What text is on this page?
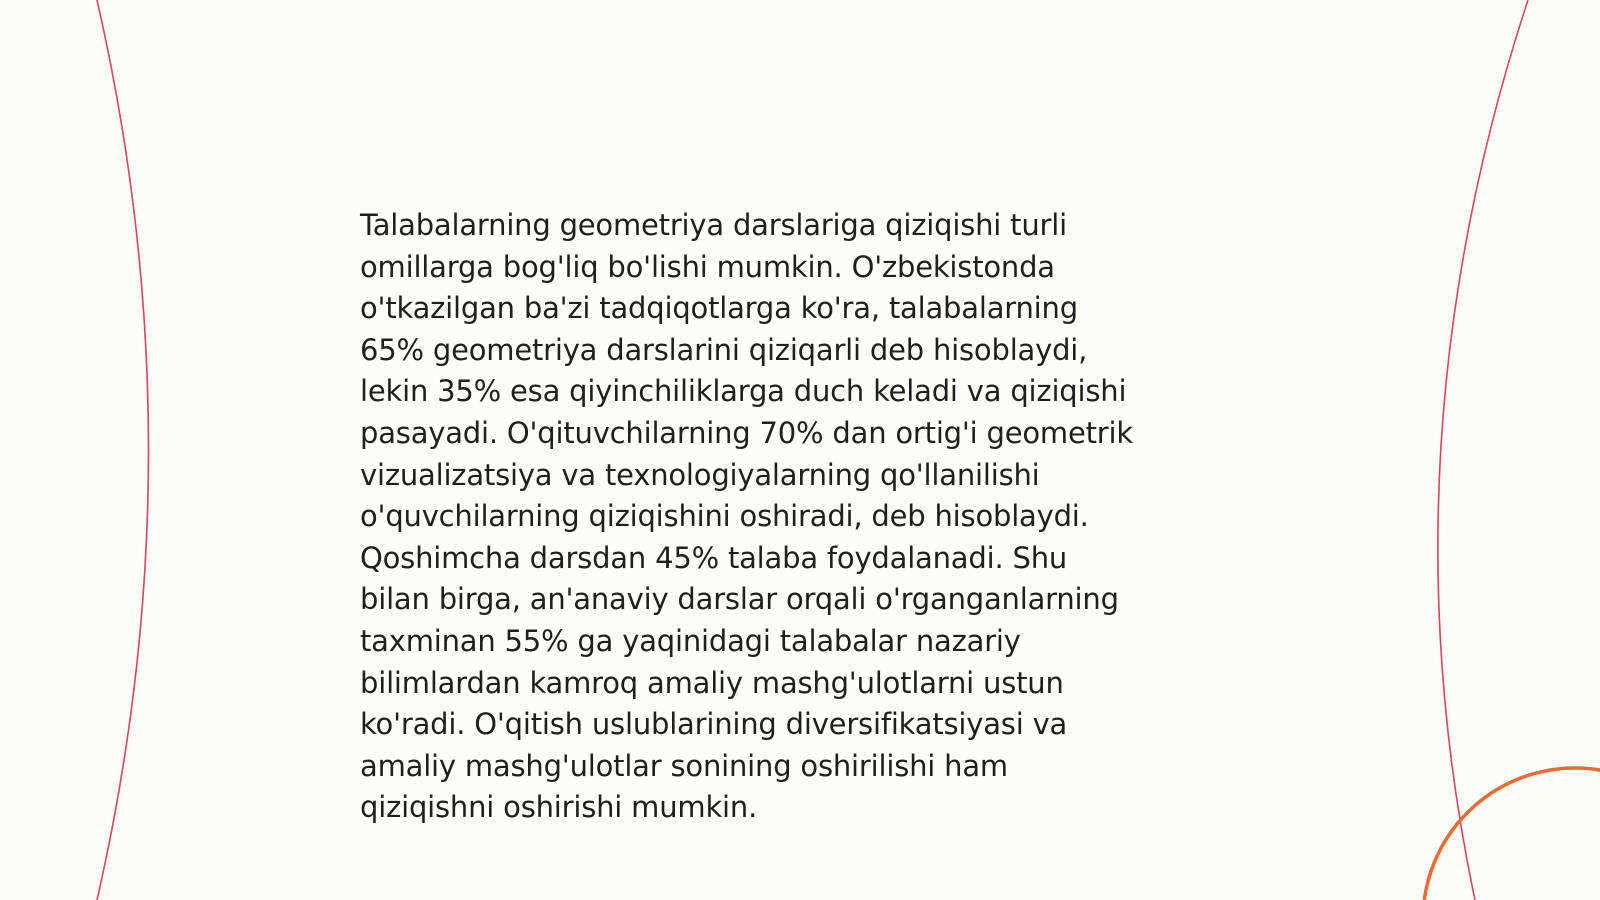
Talabalarning geometriya darslariga qiziqishi turli
omillarga bog'liq bo'lishi mumkin. O'zbekistonda
o'tkazilgan ba'zi tadqiqotlarga ko'ra, talabalarning
65% geometriya darslarini qiziqarli deb hisoblaydi,
lekin 35% esa qiyinchiliklarga duch keladi va qiziqishi
pasayadi. O'qituvchilarning 70% dan ortig'i geometrik
vizualizatsiya va texnologiyalarning qo'llanilishi
o'quvchilarning qiziqishini oshiradi, deb hisoblaydi.
Qoshimcha darsdan 45% talaba foydalanadi. Shu
bilan birga, an'anaviy darslar orqali o'rganganlarning
taxminan 55% ga yaqinidagi talabalar nazariy
bilimlardan kamroq amaliy mashg'ulotlarni ustun
ko'radi. O'qitish uslublarining diversifikatsiyasi va
amaliy mashg'ulotlar sonining oshirilishi ham
qiziqishni oshirishi mumkin.
